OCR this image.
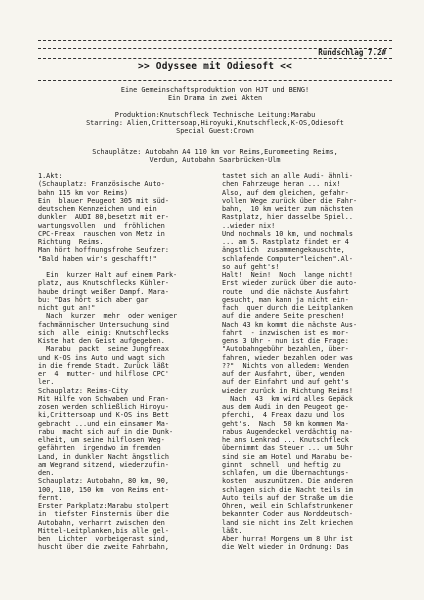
Rundschlag 7.2#
>> Odyssee mit Odiesoft <<
Eine Gemeinschaftsproduktion von HJT und BENG!
Ein Drama in zwei Akten
Produktion:Knutschfleck Technische Leitung:Marabu
Starring: Alien,Crittersoap,Hiroyuki,Knutschfleck,K-OS,Odiesoft
Special Guest:Crown
Schauplätze: Autobahn A4 110 km vor Reims,Euromeeting Reims,
Verdun, Autobahn Saarbrücken-Ulm
1.Akt:
(Schauplatz: Französische Auto-
bahn 115 km vor Reims)
Ein  blauer Peugeot 305 mit süd-
deutschem Kennzeichen und ein
dunkler  AUDI 80,besetzt mit er-
wartungsvollen  und  fröhlichen
CPC-Freax  rauschen von Metz in
Richtung  Reims.
Man hört hoffnungsfrohe Seufzer:
"Bald haben wir's geschafft!"

Ein  kurzer Halt auf einem Park-
platz, aus Knutschflecks Kühler-
haube dringt weißer Dampf. Mara-
bu: "Das hört sich aber gar
nicht gut an!"
Nach  kurzer  mehr  oder weniger
fachmännischer Untersuchung sind
sich  alle  einig: Knutschflecks
Kiste hat den Geist aufgegeben.
Marabu  packt  seine Jungfreax
und K-OS ins Auto und wagt sich
in die fremde Stadt. Zurück läßt
er  4  mutter- und hilflose CPC'
ler.
Schauplatz: Reims-City
Mit Hilfe von Schwaben und Fran-
zosen werden schließlich Hiroyu-
ki,Crittersoap und K-OS ins Bett
gebracht ...und ein einsamer Ma-
rabu  macht sich auf in die Dunk-
elheit, um seine hilflosen Weg-
gefährten  irgendwo im fremden
Land, in dunkler Nacht ängstlich
am Wegrand sitzend, wiederzufin-
den.
Schauplatz: Autobahn, 80 km, 90,
100, 110, 150 km  von Reims ent-
fernt.
Erster Parkplatz:Marabu stolpert
in  tiefster Finsternis über die
Autobahn, verharrt zwischen den
Mittel-Leitplanken,bis alle gel-
ben  Lichter  vorbeigerast sind,
huscht über die zweite Fahrbahn,
tastet sich an alle Audi- ähnli-
chen Fahrzeuge heran ... nix!
Also, auf dem gleichen, gefahr-
vollen Wege zurück über die Fahr-
bahn,  10 km weiter zum nächsten
Rastplatz, hier dasselbe Spiel..
..wieder nix!
Und nochmals 10 km, und nochmals
... am 5. Rastplatz findet er 4
ängstlich  zusammengekauschte,
schlafende Computer"leichen".Al-
so auf geht's!
Halt!  Nein!  Noch  lange nicht!
Erst wieder zurück über die auto-
route  und die nächste Ausfahrt
gesucht, man kann ja nicht ein-
fach  quer durch die Leitplanken
auf die andere Seite preschen!
Nach 43 km kommt die nächste Aus-
fahrt  - inzwischen ist es mor-
gens 3 Uhr - nun ist die Frage:
"Autobahngebühr bezahlen, über-
fahren, wieder bezahlen oder was
??"  Nichts von alledem: Wenden
auf der Ausfahrt, über, wenden
auf der Einfahrt und auf geht's
wieder zurück in Richtung Reims!
Nach  43  km wird alles Gepäck
aus dem Audi in den Peugeot ge-
pferchi,  4 Freax dazu und los
geht's.  Nach  50 km kommen Ma-
rabus Augendeckel verdächtig na-
he ans Lenkrad ... Knutschfleck
übernimmt das Steuer ... um 5Uhr
sind sie am Hotel und Marabu be-
ginnt  schnell  und heftig zu
schlafen, um die Übernachtungs-
kosten  auszunützen. Die anderen
schlagen sich die Nacht teils im
Auto teils auf der Straße um die
Ohren, weil ein Schlafstrunkener
bekannter Coder aus Norddeutsch-
land sie nicht ins Zelt kriechen
läßt.
Aber hurra! Morgens um 8 Uhr ist
die Welt wieder in Ordnung: Das
